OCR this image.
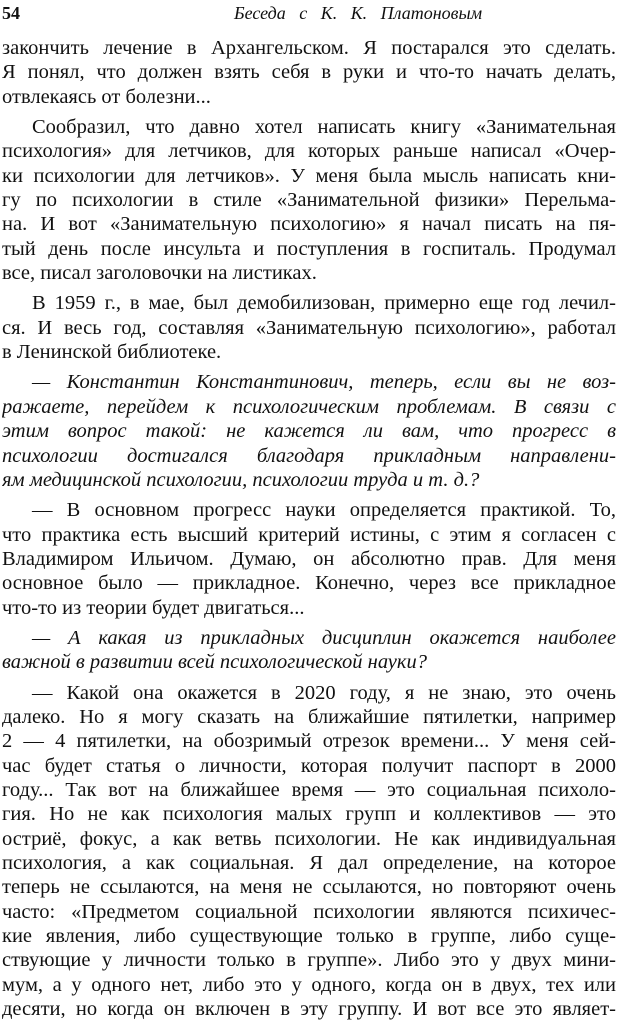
54	Беседа с К. К. Платоновым
закончить лечение в Архангельском. Я постарался это сделать.
Я понял, что должен взять себя в руки и что-то начать делать,
отвлекаясь от болезни...
Сообразил, что давно хотел написать книгу «Занимательная
психология» для летчиков, для которых раньше написал «Очер-
ки психологии для летчиков». У меня была мысль написать кни-
гу по психологии в стиле «Занимательной физики» Перельма-
на. И вот «Занимательную психологию» я начал писать на пя-
тый день после инсульта и поступления в госпиталь. Продумал
все, писал заголовочки на листиках.
В 1959 г., в мае, был демобилизован, примерно еще год лечил-
ся. И весь год, составляя «Занимательную психологию», работал
в Ленинской библиотеке.
— Константин Константинович, теперь, если вы не воз-
ражаете, перейдем к психологическим проблемам. В связи с
этим вопрос такой: не кажется ли вам, что прогресс в
психологии достигался благодаря прикладным направлени-
ям медицинской психологии, психологии труда и т. д.?
— В основном прогресс науки определяется практикой. То,
что практика есть высший критерий истины, с этим я согласен с
Владимиром Ильичом. Думаю, он абсолютно прав. Для меня
основное было — прикладное. Конечно, через все прикладное
что-то из теории будет двигаться...
— А какая из прикладных дисциплин окажется наиболее
важной в развитии всей психологической науки?
— Какой она окажется в 2020 году, я не знаю, это очень
далеко. Но я могу сказать на ближайшие пятилетки, например
2 — 4 пятилетки, на обозримый отрезок времени... У меня сей-
час будет статья о личности, которая получит паспорт в 2000
году... Так вот на ближайшее время — это социальная психоло-
гия. Но не как психология малых групп и коллективов — это
остриё, фокус, а как ветвь психологии. Не как индивидуальная
психология, а как социальная. Я дал определение, на которое
теперь не ссылаются, на меня не ссылаются, но повторяют очень
часто: «Предметом социальной психологии являются психичес-
кие явления, либо существующие только в группе, либо суще-
ствующие у личности только в группе». Либо это у двух мини-
мум, а у одного нет, либо это у одного, когда он в двух, тех или
десяти, но когда он включен в эту группу. И вот все это являет-
